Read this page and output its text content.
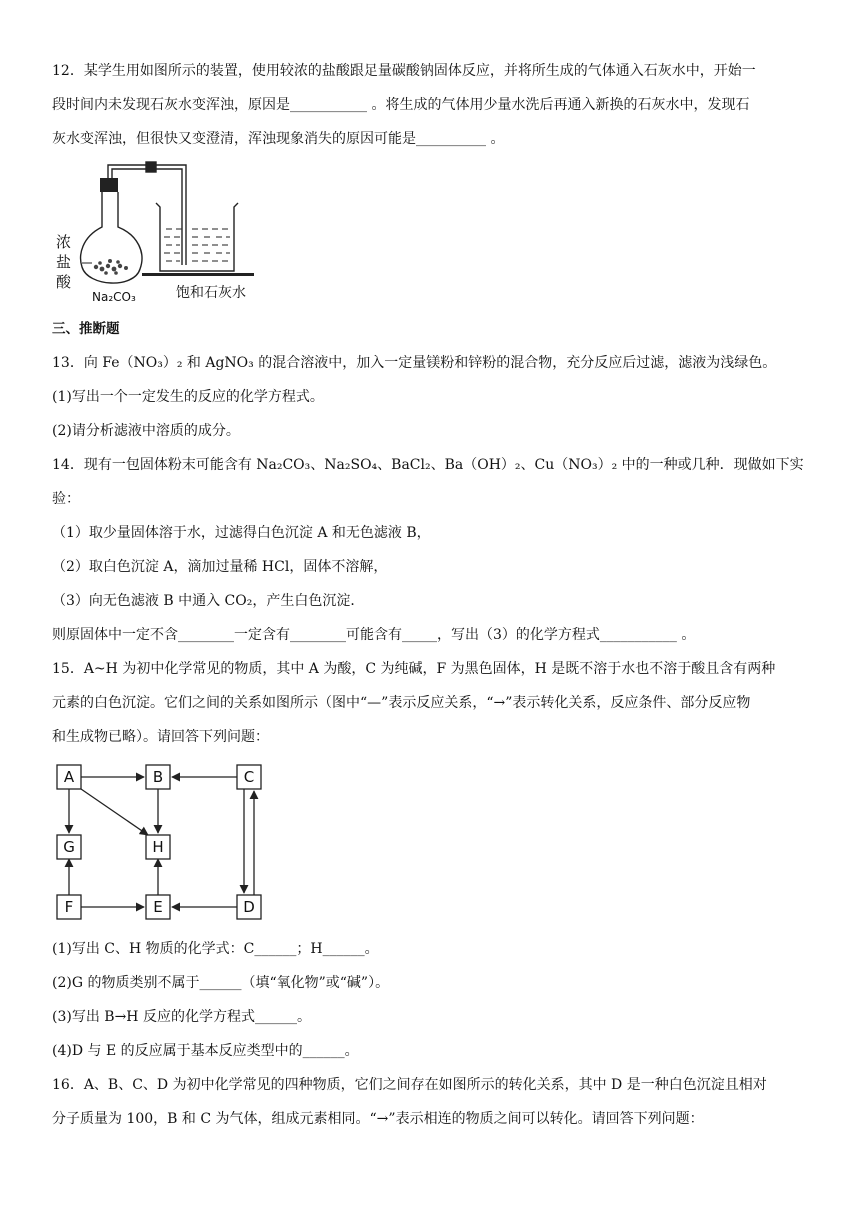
12．某学生用如图所示的装置，使用较浓的盐酸跟足量碳酸钠固体反应，并将所生成的气体通入石灰水中，开始一
段时间内未发现石灰水变浑浊，原因是___________ 。将生成的气体用少量水洗后再通入新换的石灰水中，发现石
灰水变浑浊，但很快又变澄清，浑浊现象消失的原因可能是__________ 。
浓
盐
酸
Na₂CO₃	饱和石灰水
三、推断题
13．向 Fe（NO₃）₂ 和 AgNO₃ 的混合溶液中，加入一定量镁粉和锌粉的混合物，充分反应后过滤，滤液为浅绿色。
(1)写出一个一定发生的反应的化学方程式。
(2)请分析滤液中溶质的成分。
14．现有一包固体粉末可能含有 Na₂CO₃、Na₂SO₄、BaCl₂、Ba（OH）₂、Cu（NO₃）₂ 中的一种或几种．现做如下实
验：
（1）取少量固体溶于水，过滤得白色沉淀 A 和无色滤液 B，
（2）取白色沉淀 A，滴加过量稀 HCl，固体不溶解，
（3）向无色滤液 B 中通入 CO₂，产生白色沉淀．
则原固体中一定不含________一定含有________可能含有_____，写出（3）的化学方程式___________ 。
15．A~H 为初中化学常见的物质，其中 A 为酸，C 为纯碱，F 为黑色固体，H 是既不溶于水也不溶于酸且含有两种
元素的白色沉淀。它们之间的关系如图所示（图中“—”表示反应关系，“→”表示转化关系，反应条件、部分反应物
和生成物已略）。请回答下列问题：
A	B	C
G	H
F	E	D
(1)写出 C、H 物质的化学式：C______；H______。
(2)G 的物质类别不属于______（填“氧化物”或“碱”）。
(3)写出 B→H 反应的化学方程式______。
(4)D 与 E 的反应属于基本反应类型中的______。
16．A、B、C、D 为初中化学常见的四种物质，它们之间存在如图所示的转化关系，其中 D 是一种白色沉淀且相对
分子质量为 100，B 和 C 为气体，组成元素相同。“→”表示相连的物质之间可以转化。请回答下列问题：
